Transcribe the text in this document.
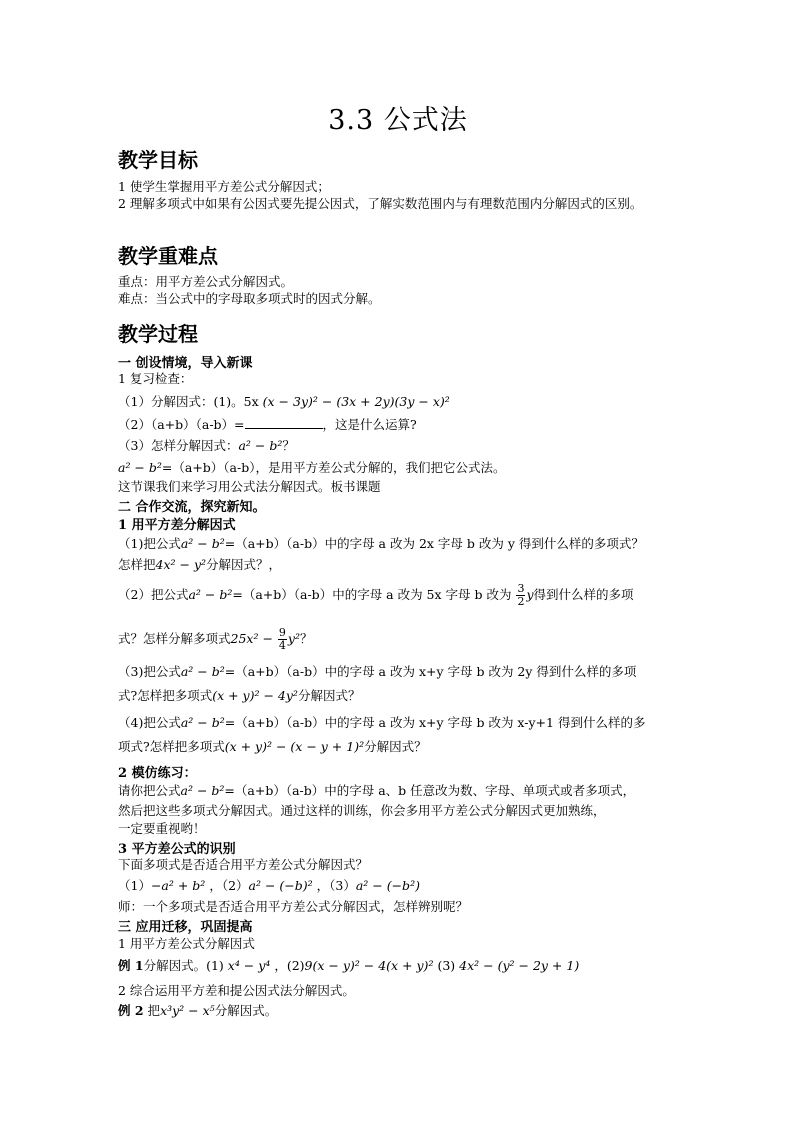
3.3 公式法
教学目标
1 使学生掌握用平方差公式分解因式；
2 理解多项式中如果有公因式要先提公因式，了解实数范围内与有理数范围内分解因式的区别。
教学重难点
重点：用平方差公式分解因式。
难点：当公式中的字母取多项式时的因式分解。
教学过程
一 创设情境，导入新课
1 复习检查：
（1）分解因式：(1)。5x (x − 3y)² − (3x + 2y)(3y − x)²
（2）（a+b）（a-b）=	，这是什么运算?
（3）怎样分解因式：a² − b²？
a² − b²=（a+b）（a-b），是用平方差公式分解的，我们把它公式法。
这节课我们来学习用公式法分解因式。板书课题
二 合作交流，探究新知。
1 用平方差分解因式
（1)把公式a² − b²=（a+b）（a-b）中的字母 a 改为 2x 字母 b 改为 y 得到什么样的多项式？
怎样把4x² − y²分解因式？，
（2）把公式a² − b²=（a+b）（a-b）中的字母 a 改为 5x 字母 b 改为 $\frac{3}{2}$ y得到什么样的多项
式？怎样分解多项式$25x^2 - \frac{9}{4} y^2$？
（3)把公式a² − b²=（a+b）（a-b）中的字母 a 改为 x+y 字母 b 改为 2y 得到什么样的多项
式?怎样把多项式(x + y)² − 4y²分解因式？
（4)把公式a² − b²=（a+b）（a-b）中的字母 a 改为 x+y 字母 b 改为 x-y+1 得到什么样的多
项式?怎样把多项式(x + y)² − (x − y + 1)²分解因式？
2 模仿练习：
请你把公式a² − b²=（a+b）（a-b）中的字母 a、b 任意改为数、字母、单项式或者多项式，
然后把这些多项式分解因式。通过这样的训练，你会多用平方差公式分解因式更加熟练，
一定要重视哟！
3 平方差公式的识别
下面多项式是否适合用平方差公式分解因式？
（1）−a² + b² ，（2）a² − (−b)² ，（3）a² − (−b²)
师：一个多项式是否适合用平方差公式分解因式，怎样辨别呢？
三 应用迁移，巩固提高
1 用平方差公式分解因式
例 1分解因式。(1) x⁴ − y⁴ ，(2)9(x − y)² − 4(x + y)² (3) 4x² − (y² − 2y + 1)
2 综合运用平方差和提公因式法分解因式。
例 2 把x³y² − x⁵分解因式。
